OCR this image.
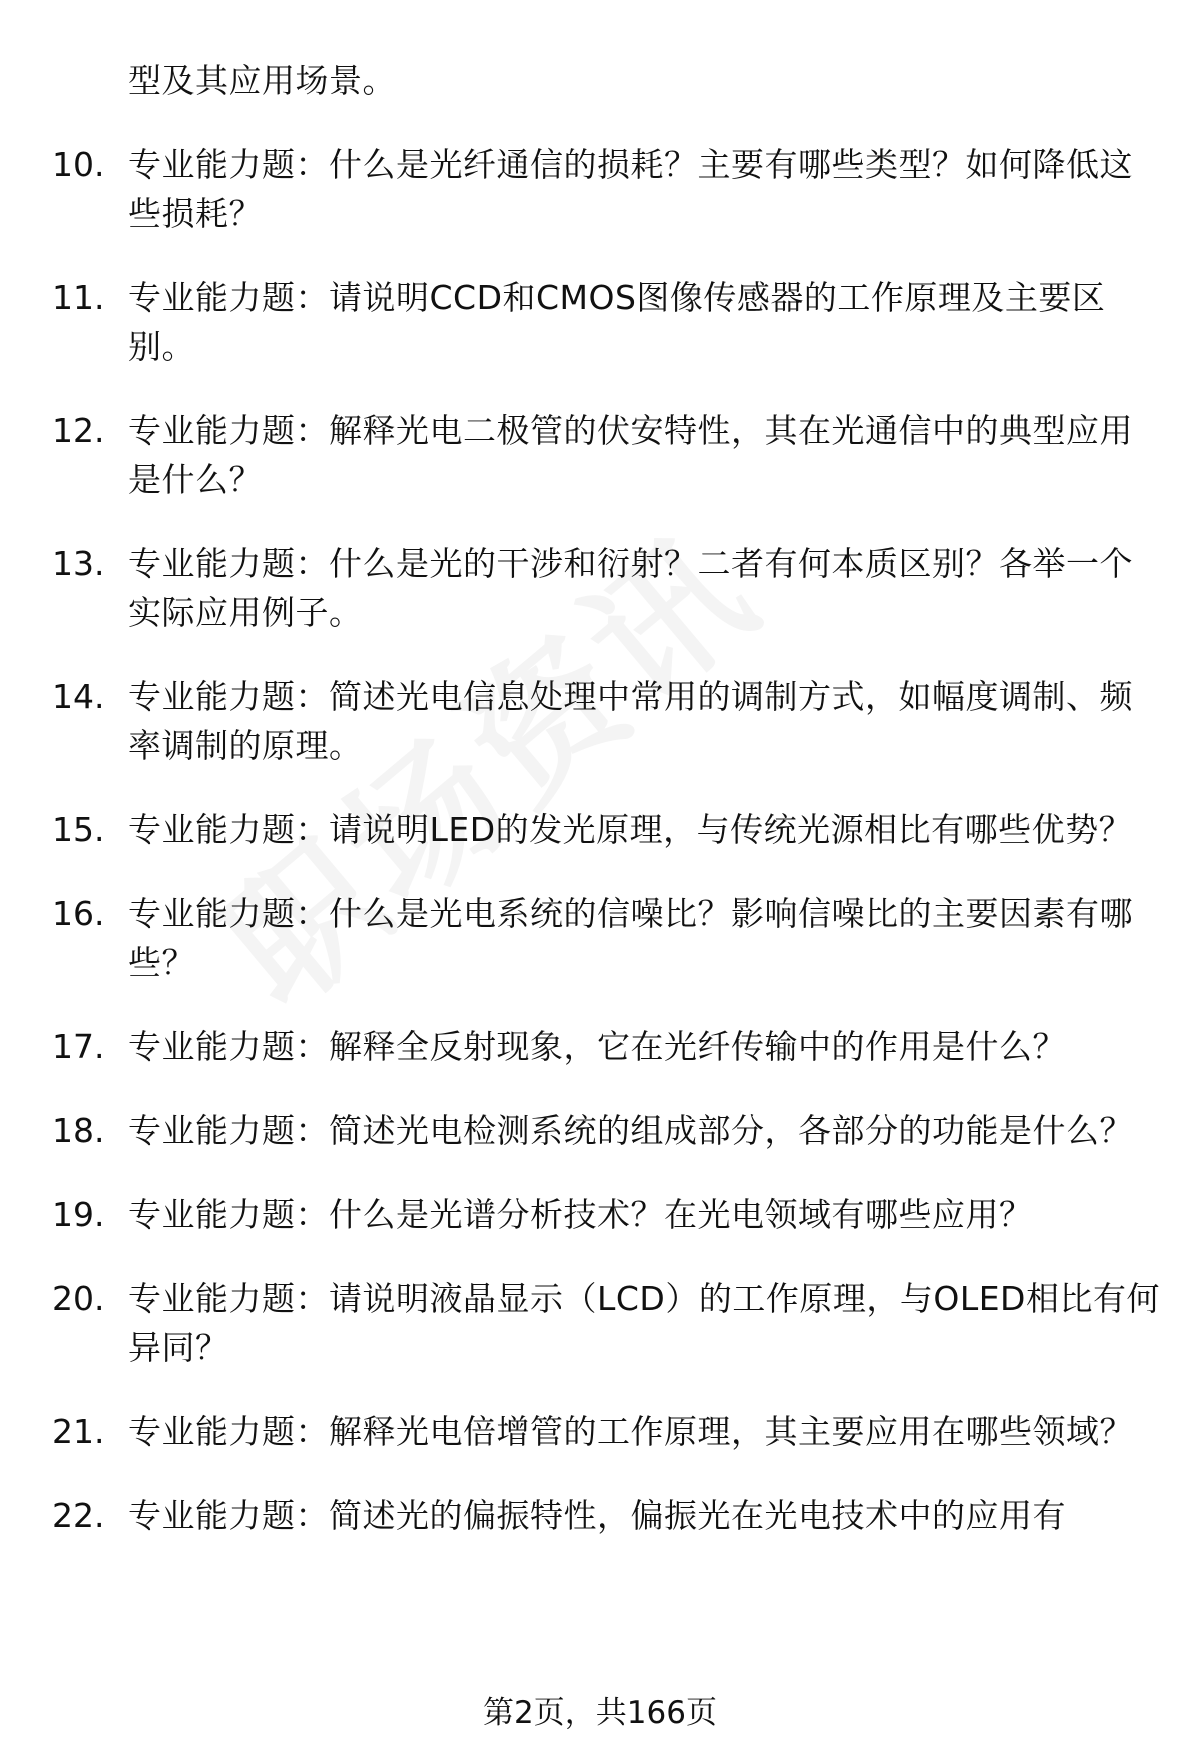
型及其应用场景。
10. 专业能力题：什么是光纤通信的损耗？主要有哪些类型？如何降低这些损耗？
11. 专业能力题：请说明CCD和CMOS图像传感器的工作原理及主要区别。
12. 专业能力题：解释光电二极管的伏安特性，其在光通信中的典型应用是什么？
13. 专业能力题：什么是光的干涉和衍射？二者有何本质区别？各举一个实际应用例子。
14. 专业能力题：简述光电信息处理中常用的调制方式，如幅度调制、频率调制的原理。
15. 专业能力题：请说明LED的发光原理，与传统光源相比有哪些优势？
16. 专业能力题：什么是光电系统的信噪比？影响信噪比的主要因素有哪些？
17. 专业能力题：解释全反射现象，它在光纤传输中的作用是什么？
18. 专业能力题：简述光电检测系统的组成部分，各部分的功能是什么？
19. 专业能力题：什么是光谱分析技术？在光电领域有哪些应用？
20. 专业能力题：请说明液晶显示（LCD）的工作原理，与OLED相比有何异同？
21. 专业能力题：解释光电倍增管的工作原理，其主要应用在哪些领域？
22. 专业能力题：简述光的偏振特性，偏振光在光电技术中的应用有
第2页，共166页
